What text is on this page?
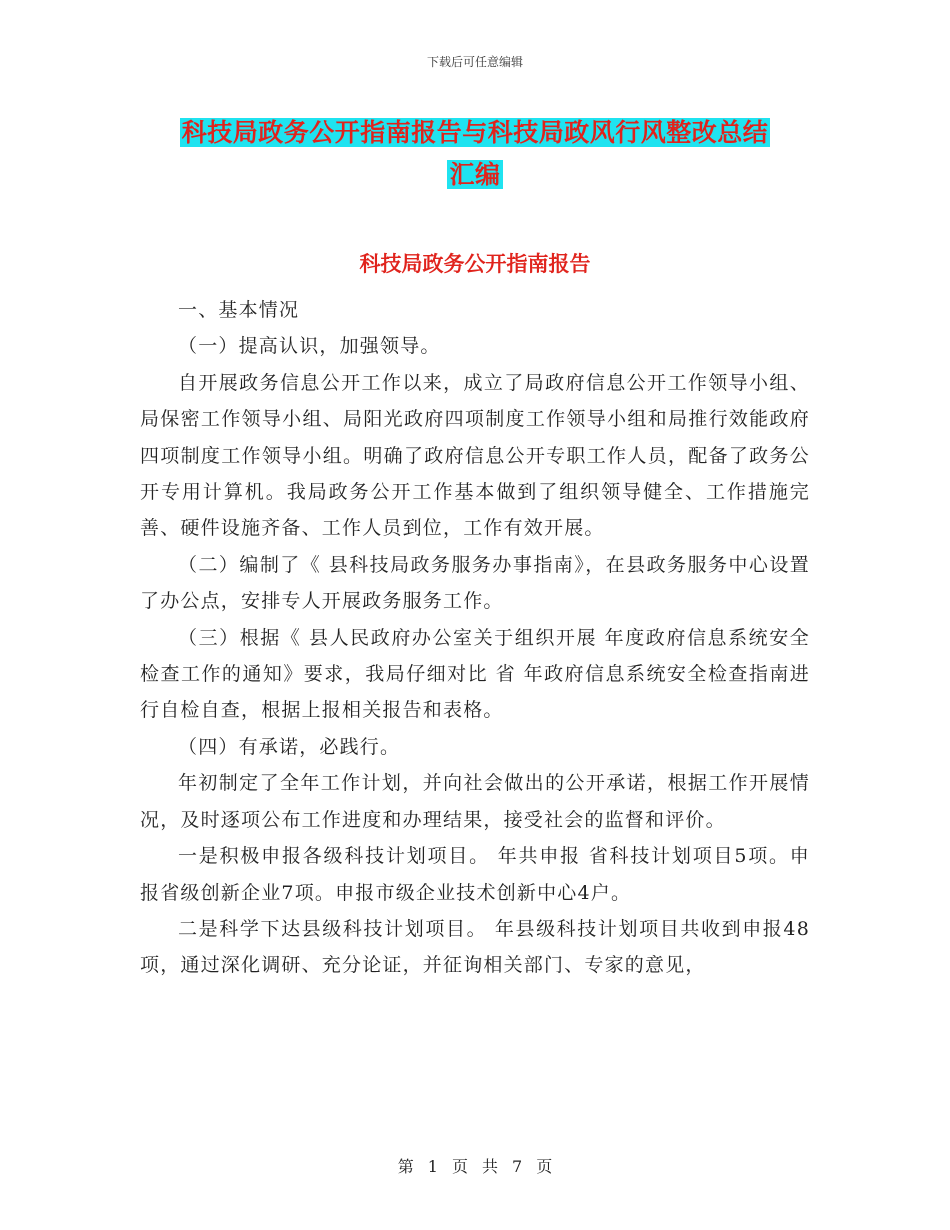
下载后可任意编辑
科技局政务公开指南报告与科技局政风行风整改总结
汇编
科技局政务公开指南报告

一、基本情况

（一）提高认识，加强领导。

自开展政务信息公开工作以来，成立了局政府信息公开工作领导小组、局保密工作领导小组、局阳光政府四项制度工作领导小组和局推行效能政府四项制度工作领导小组。明确了政府信息公开专职工作人员，配备了政务公开专用计算机。我局政务公开工作基本做到了组织领导健全、工作措施完善、硬件设施齐备、工作人员到位，工作有效开展。

（二）编制了《 县科技局政务服务办事指南》，在县政务服务中心设置了办公点，安排专人开展政务服务工作。

（三）根据《 县人民政府办公室关于组织开展 年度政府信息系统安全检查工作的通知》要求，我局仔细对比 省 年政府信息系统安全检查指南进行自检自查，根据上报相关报告和表格。

（四）有承诺，必践行。

年初制定了全年工作计划，并向社会做出的公开承诺，根据工作开展情况，及时逐项公布工作进度和办理结果，接受社会的监督和评价。

一是积极申报各级科技计划项目。 年共申报 省科技计划项目5项。申报省级创新企业7项。申报市级企业技术创新中心4户。

二是科学下达县级科技计划项目。 年县级科技计划项目共收到申报48项，通过深化调研、充分论证，并征询相关部门、专家的意见，

第 1 页 共 7 页
